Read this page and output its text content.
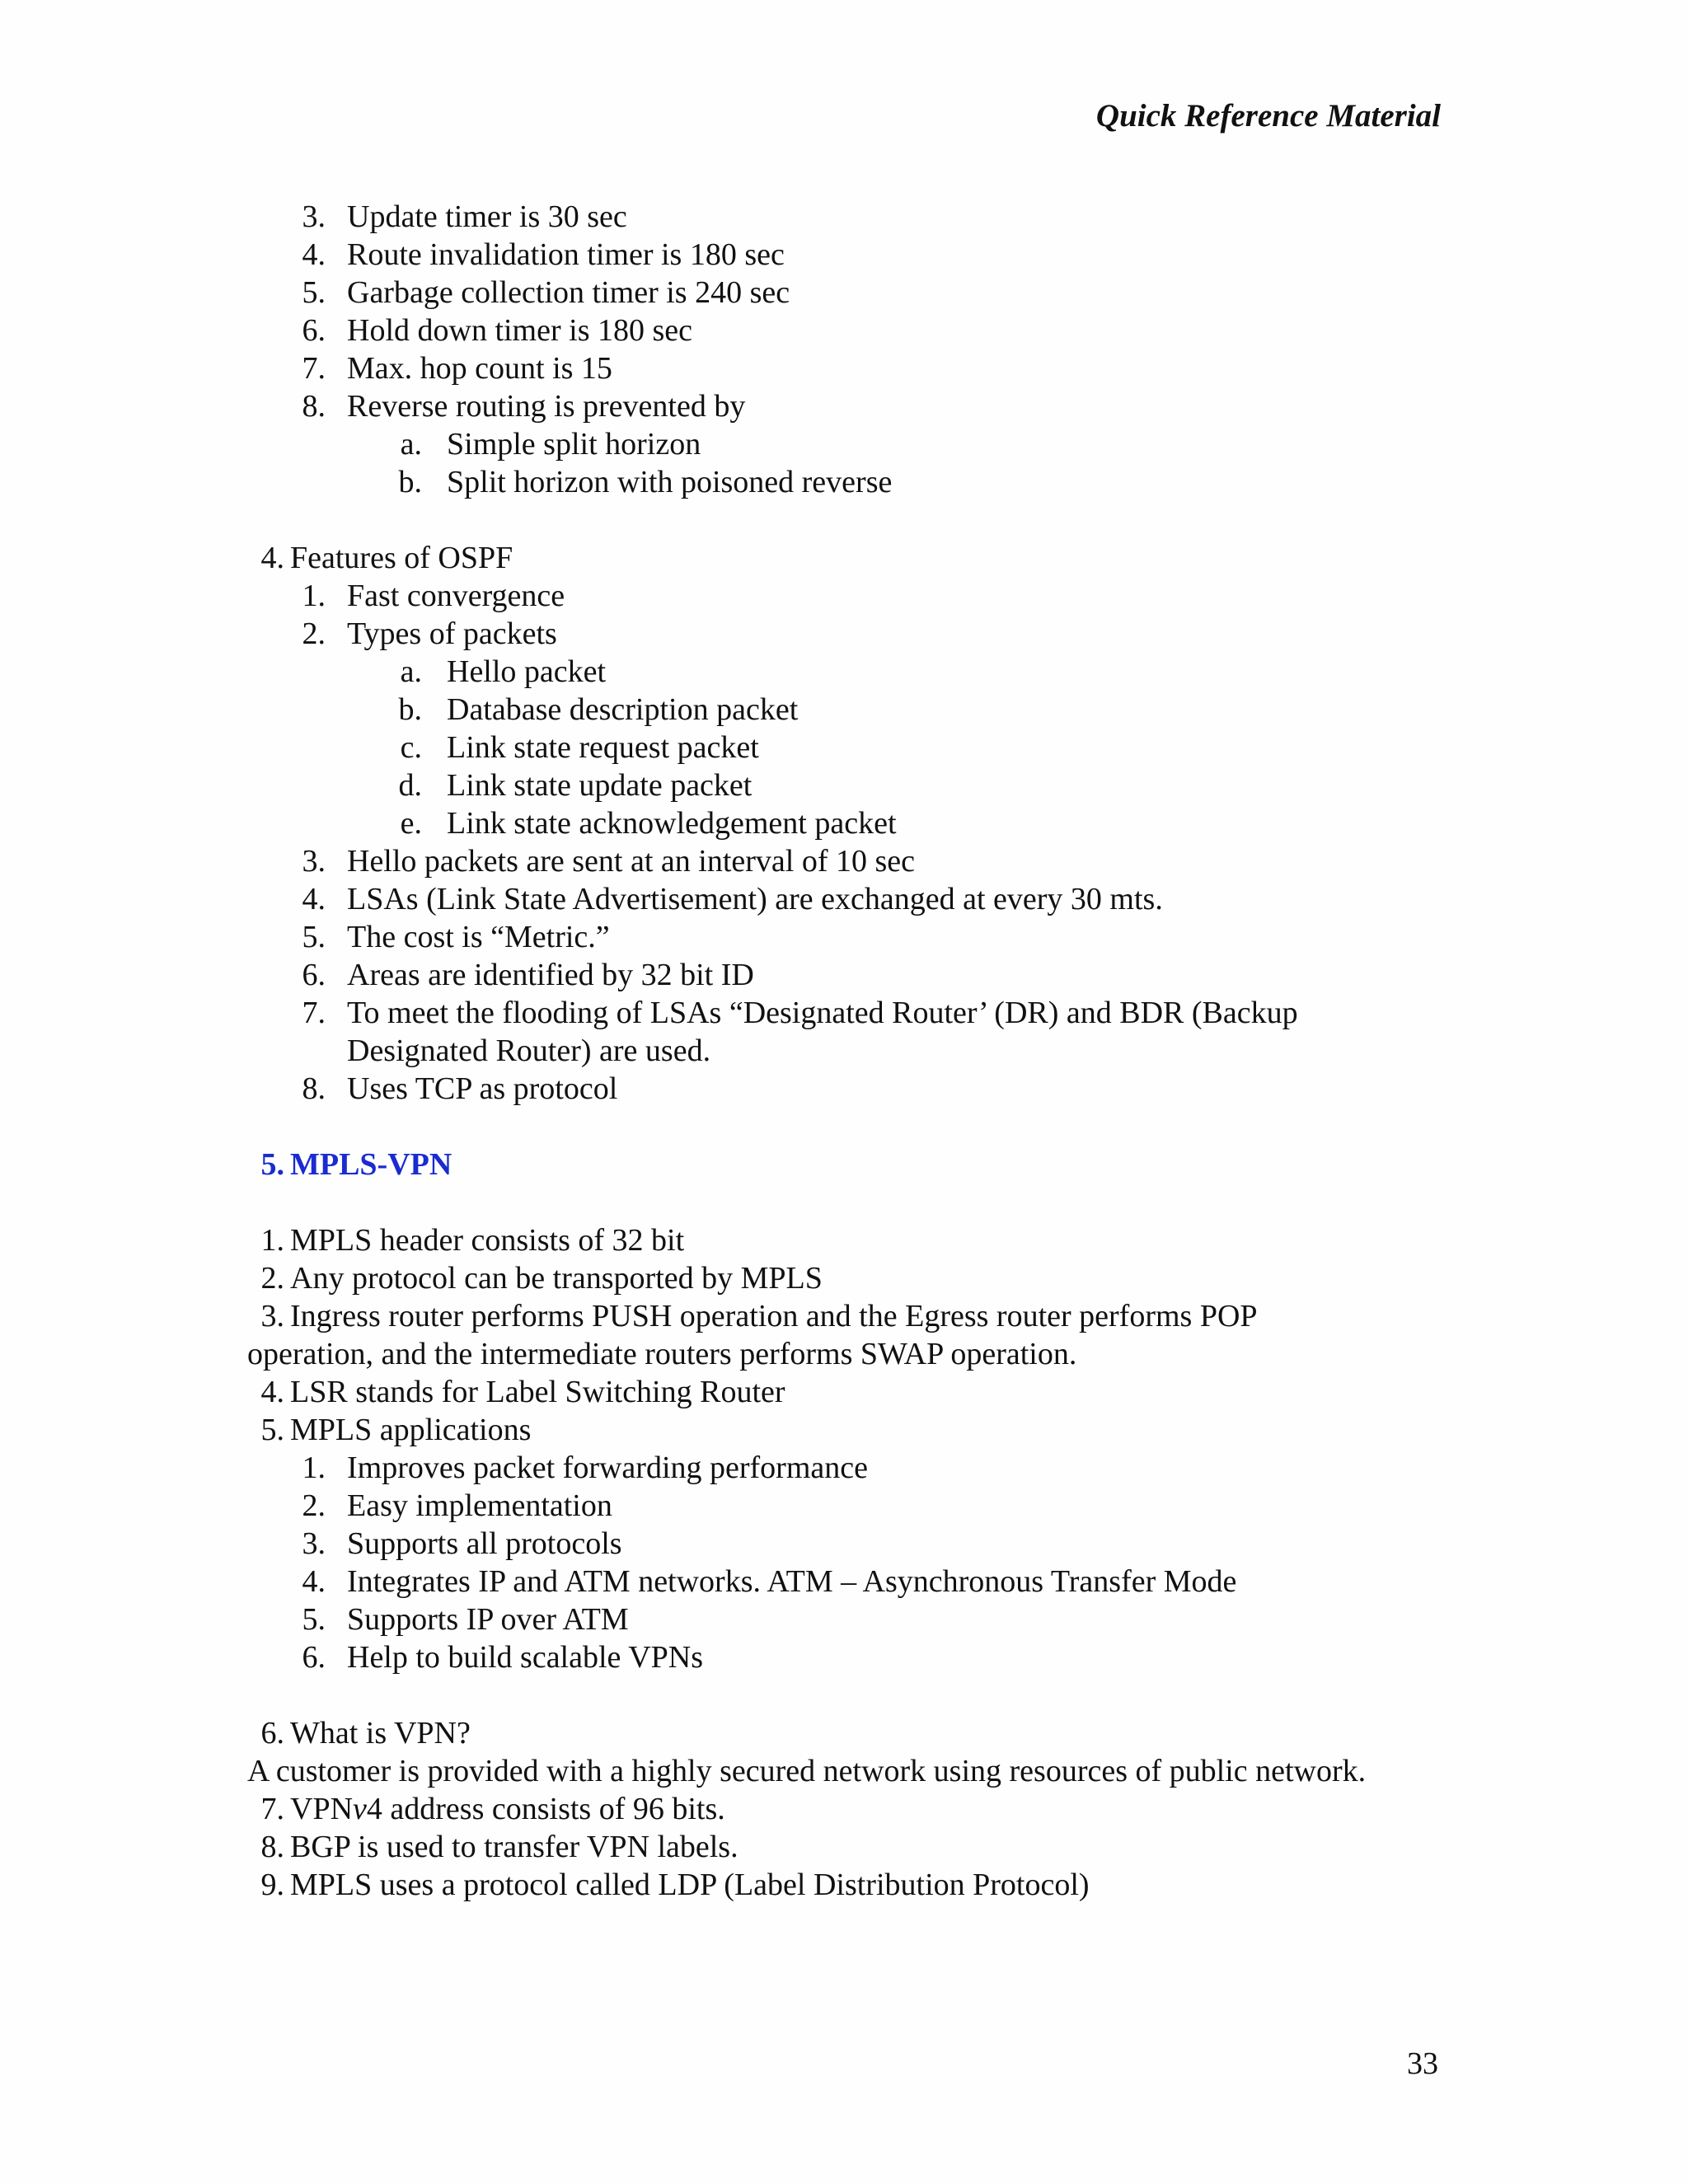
Quick Reference Material
3. Update timer is 30 sec
4. Route invalidation timer is 180 sec
5. Garbage collection timer is 240 sec
6. Hold down timer is 180 sec
7. Max. hop count is 15
8. Reverse routing is prevented by
a. Simple split horizon
b. Split horizon with poisoned reverse
4. Features of OSPF
1. Fast convergence
2. Types of packets
a. Hello packet
b. Database description packet
c. Link state request packet
d. Link state update packet
e. Link state acknowledgement packet
3. Hello packets are sent at an interval of 10 sec
4. LSAs (Link State Advertisement) are exchanged at every 30 mts.
5. The cost is “Metric.”
6. Areas are identified by 32 bit ID
7. To meet the flooding of LSAs “Designated Router’ (DR) and BDR (Backup
Designated Router) are used.
8. Uses TCP as protocol
5. MPLS-VPN
1. MPLS header consists of 32 bit
2. Any protocol can be transported by MPLS
3. Ingress router performs PUSH operation and the Egress router performs POP
operation, and the intermediate routers performs SWAP operation.
4. LSR stands for Label Switching Router
5. MPLS applications
1. Improves packet forwarding performance
2. Easy implementation
3. Supports all protocols
4. Integrates IP and ATM networks. ATM – Asynchronous Transfer Mode
5. Supports IP over ATM
6. Help to build scalable VPNs
6. What is VPN?
A customer is provided with a highly secured network using resources of public network.
7. VPNv4 address consists of 96 bits.
8. BGP is used to transfer VPN labels.
9. MPLS uses a protocol called LDP (Label Distribution Protocol)
33
